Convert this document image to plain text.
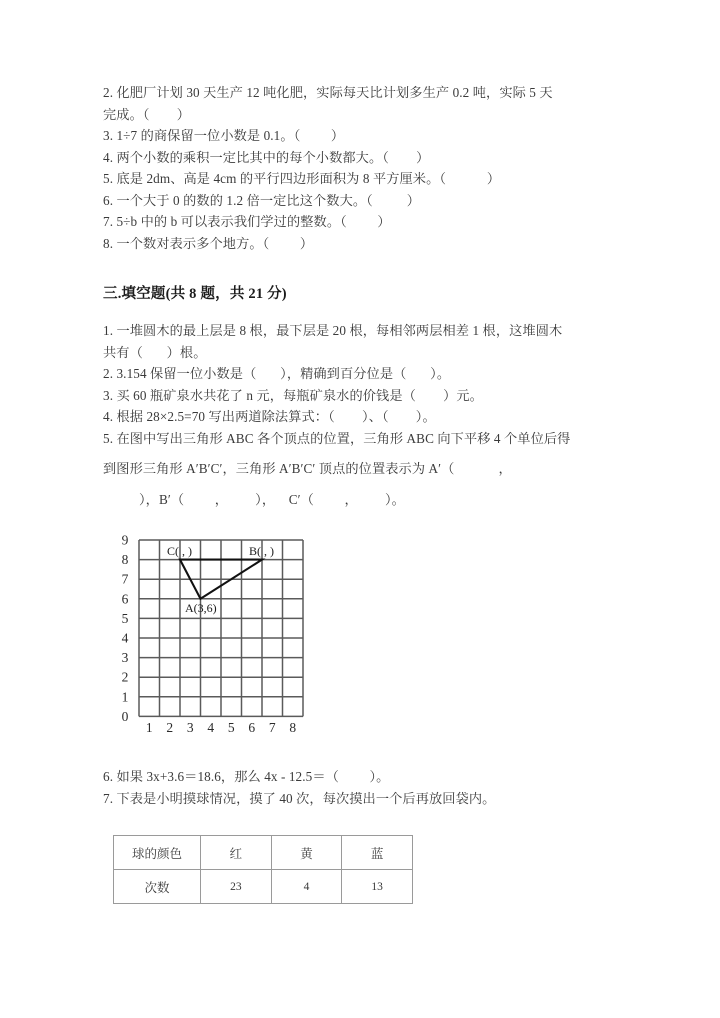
2. 化肥厂计划 30 天生产 12 吨化肥，实际每天比计划多生产 0.2 吨，实际 5 天
完成。（        ）
3. 1÷7 的商保留一位小数是 0.1。（         ）
4. 两个小数的乘积一定比其中的每个小数都大。（        ）
5. 底是 2dm、高是 4cm 的平行四边形面积为 8 平方厘米。（            ）
6. 一个大于 0 的数的 1.2 倍一定比这个数大。（          ）
7. 5÷b 中的 b 可以表示我们学过的整数。（         ）
8. 一个数对表示多个地方。（         ）
三.填空题(共 8 题，共 21 分)
1. 一堆圆木的最上层是 8 根，最下层是 20 根，每相邻两层相差 1 根，这堆圆木
共有（       ）根。
2. 3.154 保留一位小数是（       ），精确到百分位是（       ）。
3. 买 60 瓶矿泉水共花了 n 元，每瓶矿泉水的价钱是（        ）元。
4. 根据 28×2.5=70 写出两道除法算式：（        ）、（        ）。
5. 在图中写出三角形 ABC 各个顶点的位置，三角形 ABC 向下平移 4 个单位后得
到图形三角形 A′B′C′，三角形 A′B′C′ 顶点的位置表示为 A′（             ，
），B′（         ，        ），    C′（         ，        ）。
9
8
7
6
5
4
3
2
1
0
1 2 3 4 5 6 7 8
C( , )	B( , )
A(3,6)
6. 如果 3x+3.6＝18.6，那么 4x - 12.5＝（         ）。
7. 下表是小明摸球情况，摸了 40 次，每次摸出一个后再放回袋内。
球的颜色	红	黄	蓝
次数	23	4	13
